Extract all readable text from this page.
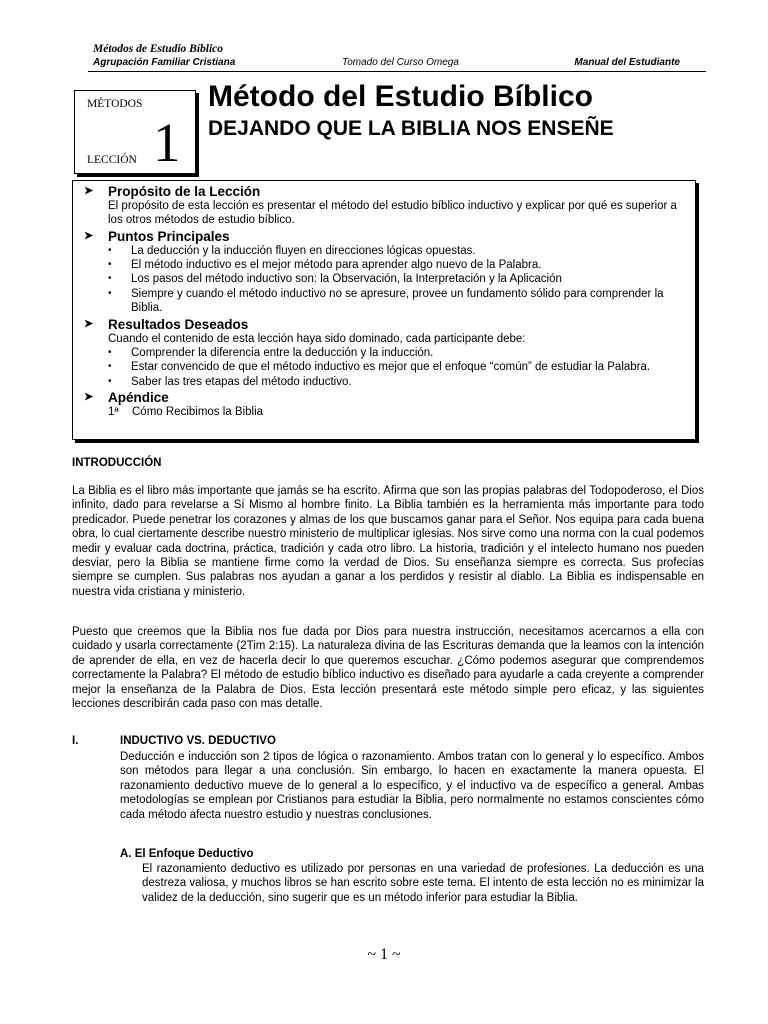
Métodos de Estudio Bíblico
Agrupación Familiar Cristiana	Tomado del Curso Omega	Manual del Estudiante
MÉTODOS
1
LECCIÓN
Método del Estudio Bíblico
DEJANDO QUE LA BIBLIA NOS ENSEÑE
➤ Propósito de la Lección

El propósito de esta lección es presentar el método del estudio bíblico inductivo y explicar por qué es superior a los otros métodos de estudio bíblico.

➤ Puntos Principales
• La deducción y la inducción fluyen en direcciones lógicas opuestas.
• El método inductivo es el mejor método para aprender algo nuevo de la Palabra.
• Los pasos del método inductivo son: la Observación, la Interpretación y la Aplicación
• Siempre y cuando el método inductivo no se apresure, provee un fundamento sólido para comprender la Biblia.
➤ Resultados Deseados

Cuando el contenido de esta lección haya sido dominado, cada participante debe:

• Comprender la diferencia entre la deducción y la inducción.
• Estar convencido de que el método inductivo es mejor que el enfoque “común” de estudiar la Palabra.
• Saber las tres etapas del método inductivo.
➤ Apéndice
1ª Cómo Recibimos la Biblia
INTRODUCCIÓN
La Biblia es el libro más importante que jamás se ha escrito. Afirma que son las propias palabras del Todopoderoso, el Dios infinito, dado para revelarse a Sí Mismo al hombre finito. La Biblia también es la herramienta más importante para todo predicador. Puede penetrar los corazones y almas de los que buscamos ganar para el Señor. Nos equipa para cada buena obra, lo cual ciertamente describe nuestro ministerio de multiplicar iglesias. Nos sirve como una norma con la cual podemos medir y evaluar cada doctrina, práctica, tradición y cada otro libro. La historia, tradición y el intelecto humano nos pueden desviar, pero la Biblia se mantiene firme como la verdad de Dios. Su enseñanza siempre es correcta. Sus profecías siempre se cumplen. Sus palabras nos ayudan a ganar a los perdidos y resistir al diablo. La Biblia es indispensable en nuestra vida cristiana y ministerio.
Puesto que creemos que la Biblia nos fue dada por Dios para nuestra instrucción, necesitamos acercarnos a ella con cuidado y usarla correctamente (2Tim 2:15). La naturaleza divina de las Escrituras demanda que la leamos con la intención de aprender de ella, en vez de hacerla decir lo que queremos escuchar. ¿Cómo podemos asegurar que comprendemos correctamente la Palabra? El método de estudio bíblico inductivo es diseñado para ayudarle a cada creyente a comprender mejor la enseñanza de la Palabra de Dios. Esta lección presentará este método simple pero eficaz, y las siguientes lecciones describirán cada paso con mas detalle.
I.	INDUCTIVO VS. DEDUCTIVO
Deducción e inducción son 2 tipos de lógica o razonamiento. Ambos tratan con lo general y lo específico. Ambos son métodos para llegar a una conclusión. Sin embargo, lo hacen en exactamente la manera opuesta. El razonamiento deductivo mueve de lo general a lo específico, y el inductivo va de específico a general. Ambas metodologías se emplean por Cristianos para estudiar la Biblia, pero normalmente no estamos conscientes cómo cada método afecta nuestro estudio y nuestras conclusiones.
A. El Enfoque Deductivo
El razonamiento deductivo es utilizado por personas en una variedad de profesiones. La deducción es una destreza valiosa, y muchos libros se han escrito sobre este tema. El intento de esta lección no es minimizar la validez de la deducción, sino sugerir que es un método inferior para estudiar la Biblia.
~ 1 ~
